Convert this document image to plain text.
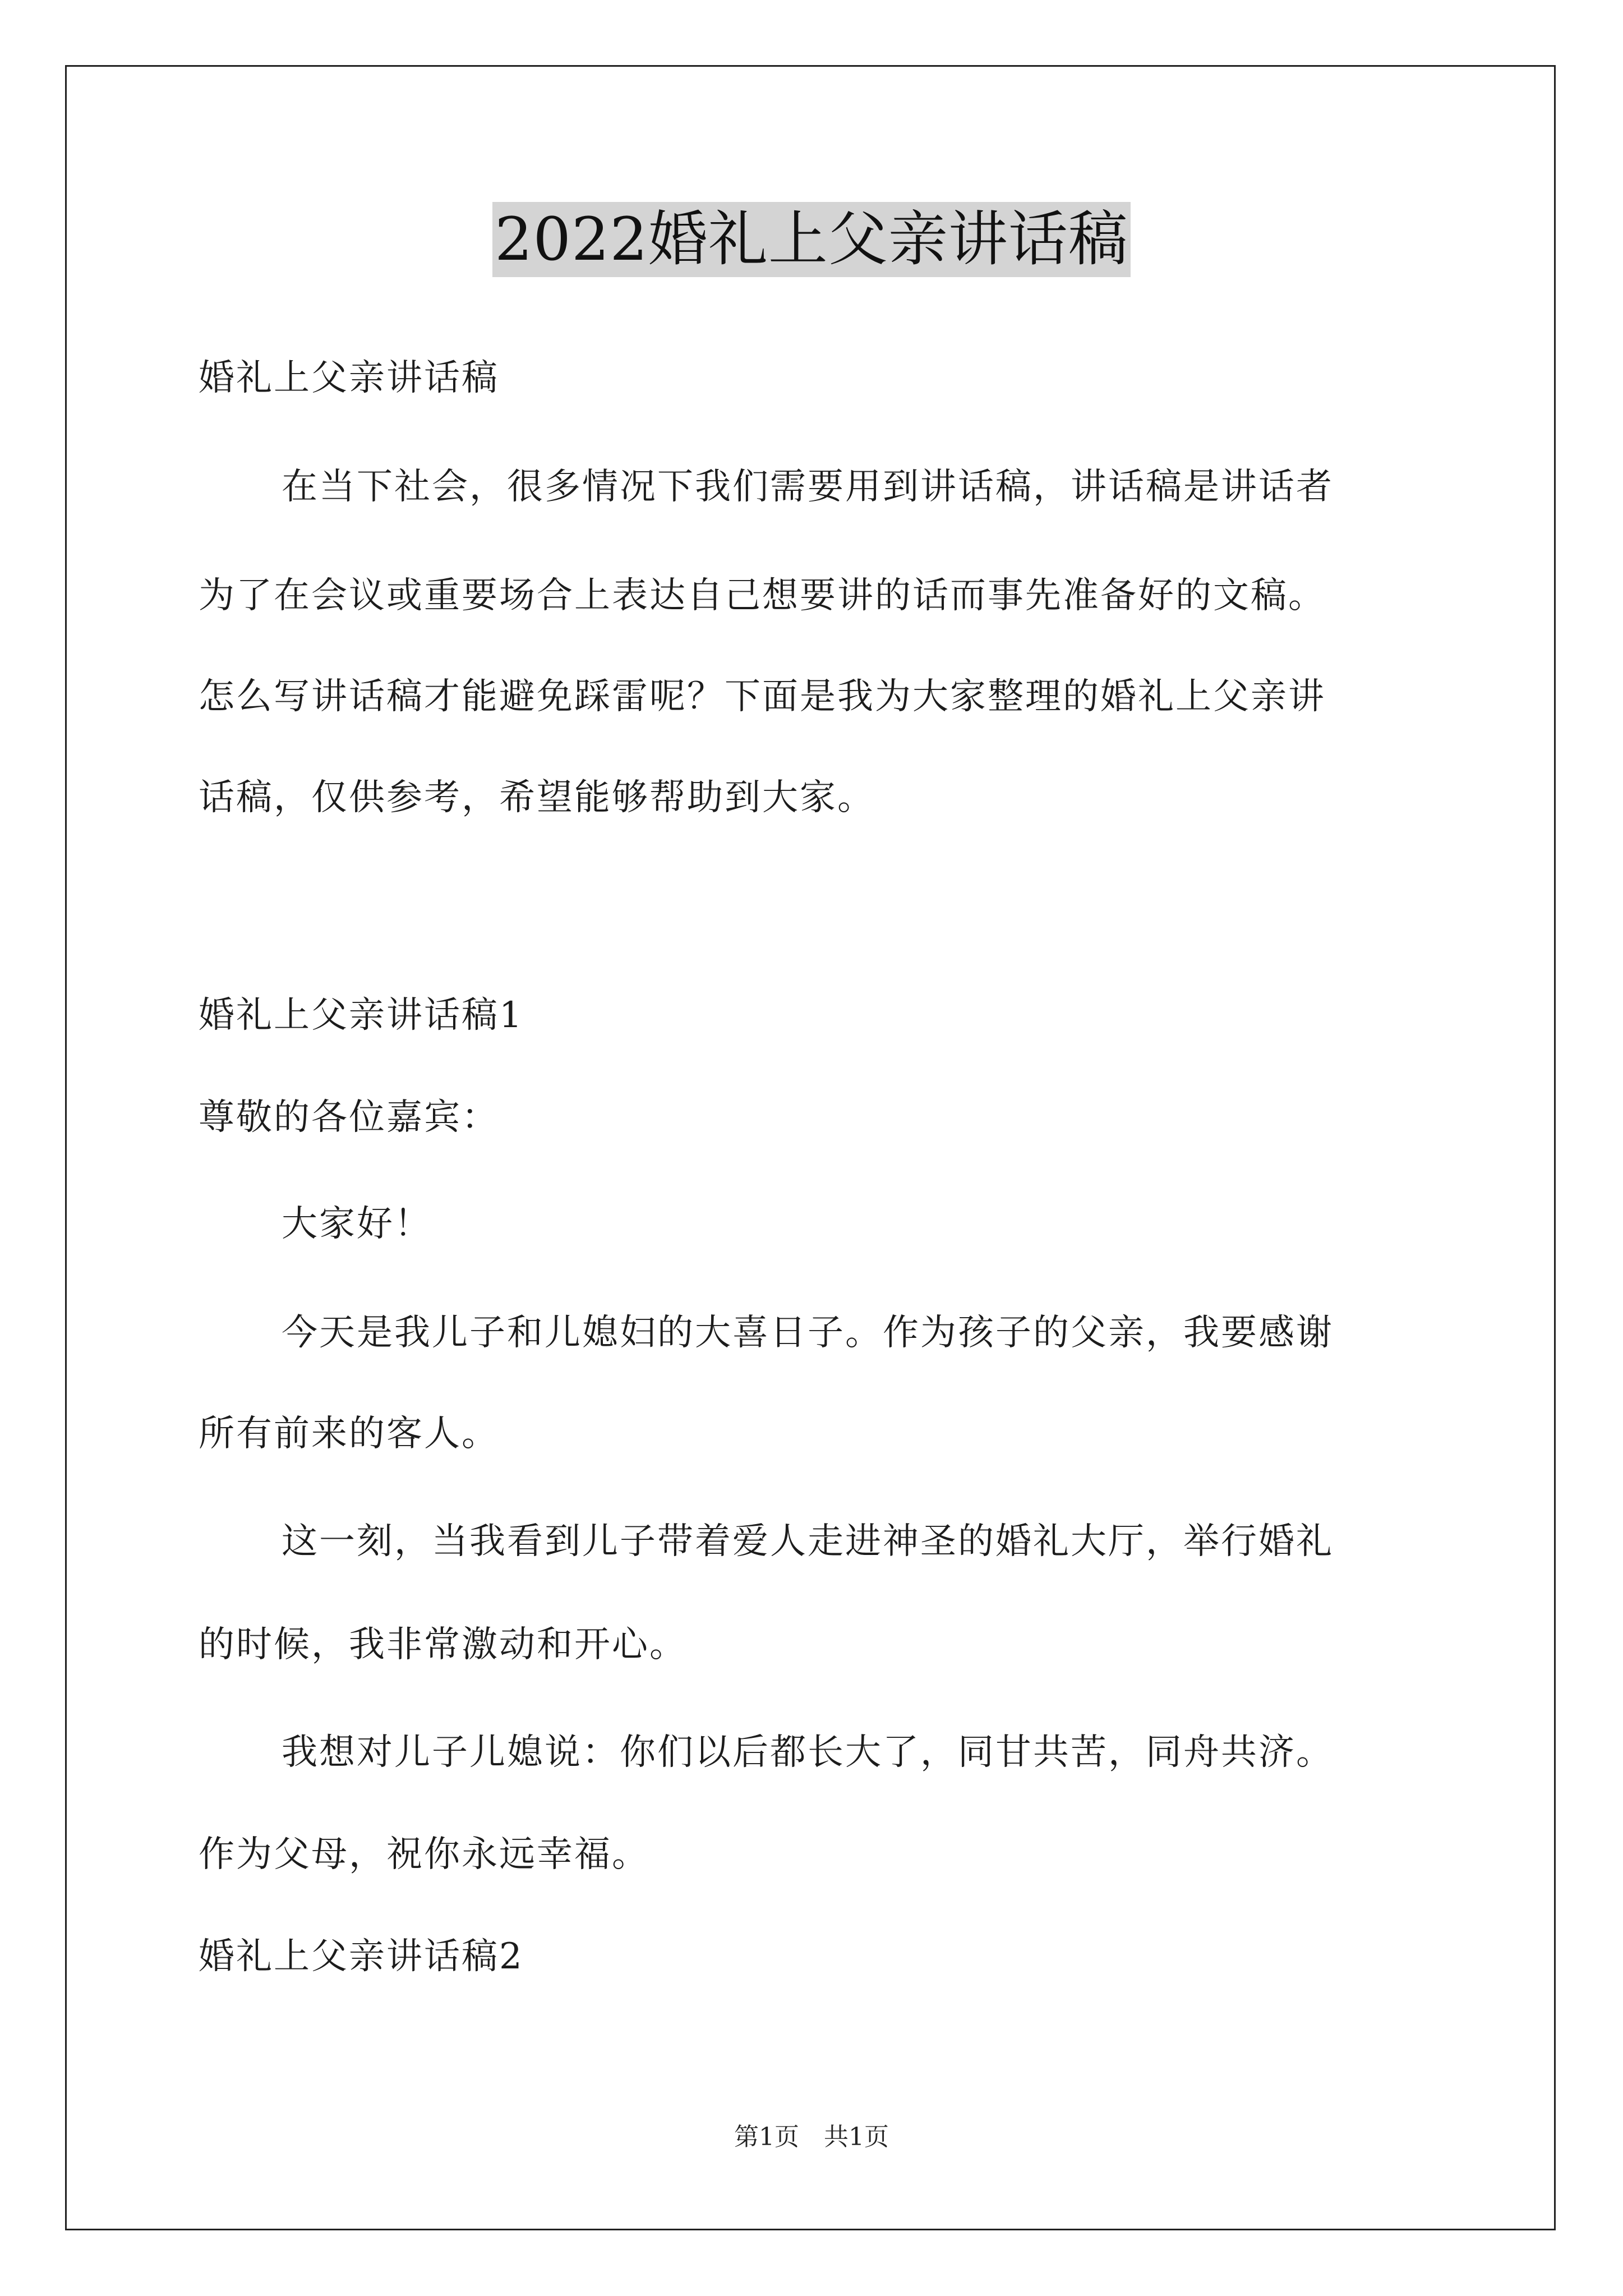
2022婚礼上父亲讲话稿
婚礼上父亲讲话稿
在当下社会，很多情况下我们需要用到讲话稿，讲话稿是讲话者
为了在会议或重要场合上表达自己想要讲的话而事先准备好的文稿。
怎么写讲话稿才能避免踩雷呢？下面是我为大家整理的婚礼上父亲讲
话稿，仅供参考，希望能够帮助到大家。
婚礼上父亲讲话稿1
尊敬的各位嘉宾：
大家好！
今天是我儿子和儿媳妇的大喜日子。作为孩子的父亲，我要感谢
所有前来的客人。
这一刻，当我看到儿子带着爱人走进神圣的婚礼大厅，举行婚礼
的时候，我非常激动和开心。
我想对儿子儿媳说：你们以后都长大了，同甘共苦，同舟共济。
作为父母，祝你永远幸福。
婚礼上父亲讲话稿2
第1页　共1页
